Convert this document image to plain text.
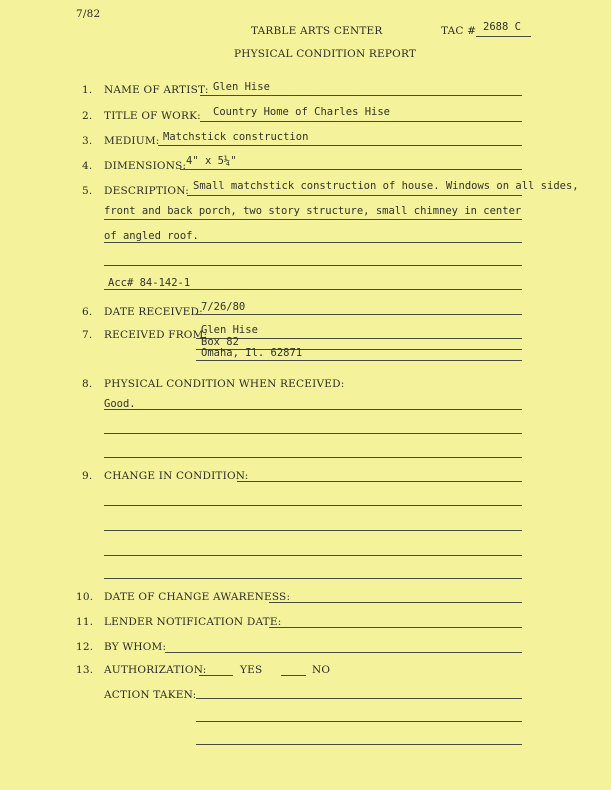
7/82
TARBLE ARTS CENTER	TAC # 2688 C
PHYSICAL CONDITION REPORT
1. NAME OF ARTIST: Glen Hise
2. TITLE OF WORK: Country Home of Charles Hise
3. MEDIUM: Matchstick construction
4. DIMENSIONS: 4" x 5¼"
5. DESCRIPTION: Small matchstick construction of house. Windows on all sides,
front and back porch, two story structure, small chimney in center
of angled roof.
Acc# 84-142-1
6. DATE RECEIVED:
7/26/80
7. RECEIVED FROM:
Glen Hise
Box 82
Omaha, Il. 62871
8. PHYSICAL CONDITION WHEN RECEIVED:
Good.
9. CHANGE IN CONDITION:
10. DATE OF CHANGE AWARENESS:
11. LENDER NOTIFICATION DATE:
12. BY WHOM:
13. AUTHORIZATION:	YES	NO
ACTION TAKEN:
